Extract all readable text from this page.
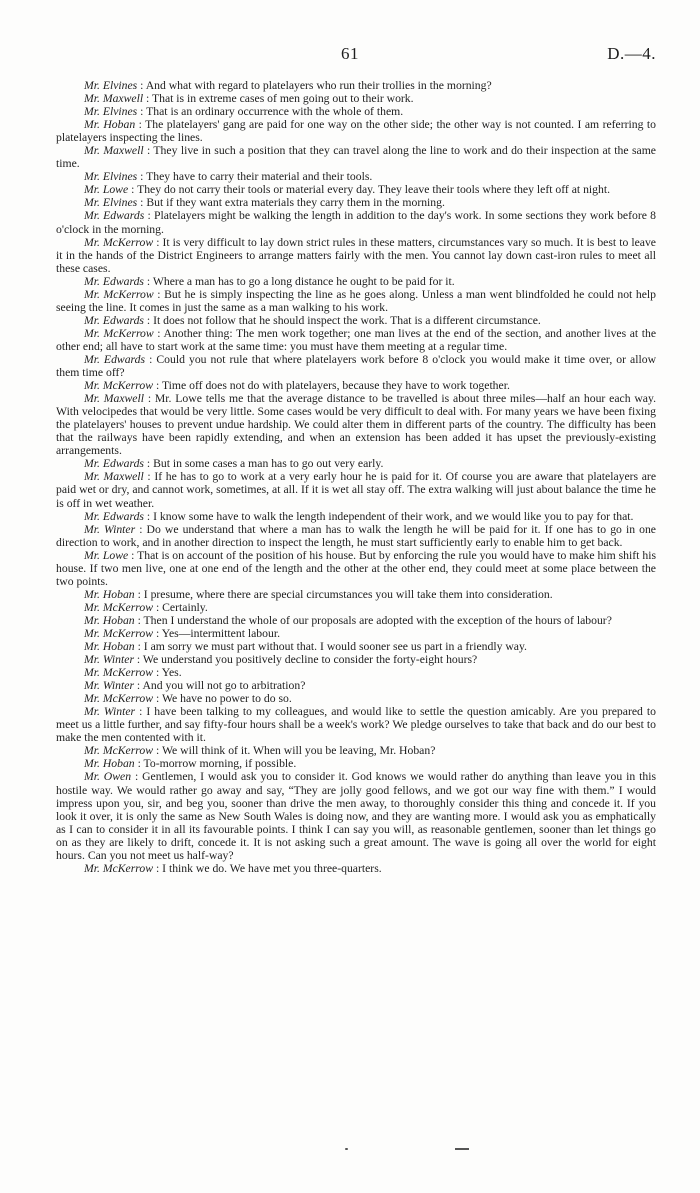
61	D.—4.

Mr. Elvines : And what with regard to platelayers who run their trollies in the morning?

Mr. Maxwell : That is in extreme cases of men going out to their work.

Mr. Elvines : That is an ordinary occurrence with the whole of them.

Mr. Hoban : The platelayers' gang are paid for one way on the other side; the other way is not counted. I am referring to platelayers inspecting the lines.

Mr. Maxwell : They live in such a position that they can travel along the line to work and do their inspection at the same time.

Mr. Elvines : They have to carry their material and their tools.

Mr. Lowe : They do not carry their tools or material every day. They leave their tools where they left off at night.

Mr. Elvines : But if they want extra materials they carry them in the morning.

Mr. Edwards : Platelayers might be walking the length in addition to the day's work. In some sections they work before 8 o'clock in the morning.

Mr. McKerrow : It is very difficult to lay down strict rules in these matters, circumstances vary so much. It is best to leave it in the hands of the District Engineers to arrange matters fairly with the men. You cannot lay down cast-iron rules to meet all these cases.

Mr. Edwards : Where a man has to go a long distance he ought to be paid for it.

Mr. McKerrow : But he is simply inspecting the line as he goes along. Unless a man went blindfolded he could not help seeing the line. It comes in just the same as a man walking to his work.

Mr. Edwards : It does not follow that he should inspect the work. That is a different circumstance.

Mr. McKerrow : Another thing: The men work together; one man lives at the end of the section, and another lives at the other end; all have to start work at the same time: you must have them meeting at a regular time.

Mr. Edwards : Could you not rule that where platelayers work before 8 o'clock you would make it time over, or allow them time off?

Mr. McKerrow : Time off does not do with platelayers, because they have to work together.

Mr. Maxwell : Mr. Lowe tells me that the average distance to be travelled is about three miles—half an hour each way. With velocipedes that would be very little. Some cases would be very difficult to deal with. For many years we have been fixing the platelayers' houses to prevent undue hardship. We could alter them in different parts of the country. The difficulty has been that the railways have been rapidly extending, and when an extension has been added it has upset the previously-existing arrangements.

Mr. Edwards : But in some cases a man has to go out very early.

Mr. Maxwell : If he has to go to work at a very early hour he is paid for it. Of course you are aware that platelayers are paid wet or dry, and cannot work, sometimes, at all. If it is wet all stay off. The extra walking will just about balance the time he is off in wet weather.

Mr. Edwards : I know some have to walk the length independent of their work, and we would like you to pay for that.

Mr. Winter : Do we understand that where a man has to walk the length he will be paid for it. If one has to go in one direction to work, and in another direction to inspect the length, he must start sufficiently early to enable him to get back.

Mr. Lowe : That is on account of the position of his house. But by enforcing the rule you would have to make him shift his house. If two men live, one at one end of the length and the other at the other end, they could meet at some place between the two points.

Mr. Hoban : I presume, where there are special circumstances you will take them into consideration.

Mr. McKerrow : Certainly.

Mr. Hoban : Then I understand the whole of our proposals are adopted with the exception of the hours of labour?

Mr. McKerrow : Yes—intermittent labour.

Mr. Hoban : I am sorry we must part without that. I would sooner see us part in a friendly way.

Mr. Winter : We understand you positively decline to consider the forty-eight hours?

Mr. McKerrow : Yes.

Mr. Winter : And you will not go to arbitration?

Mr. McKerrow : We have no power to do so.

Mr. Winter : I have been talking to my colleagues, and would like to settle the question amicably. Are you prepared to meet us a little further, and say fifty-four hours shall be a week's work? We pledge ourselves to take that back and do our best to make the men contented with it.

Mr. McKerrow : We will think of it. When will you be leaving, Mr. Hoban?

Mr. Hoban : To-morrow morning, if possible.

Mr. Owen : Gentlemen, I would ask you to consider it. God knows we would rather do anything than leave you in this hostile way. We would rather go away and say, “They are jolly good fellows, and we got our way fine with them.” I would impress upon you, sir, and beg you, sooner than drive the men away, to thoroughly consider this thing and concede it. If you look it over, it is only the same as New South Wales is doing now, and they are wanting more. I would ask you as emphatically as I can to consider it in all its favourable points. I think I can say you will, as reasonable gentlemen, sooner than let things go on as they are likely to drift, concede it. It is not asking such a great amount. The wave is going all over the world for eight hours. Can you not meet us half-way?

Mr. McKerrow : I think we do. We have met you three-quarters.
